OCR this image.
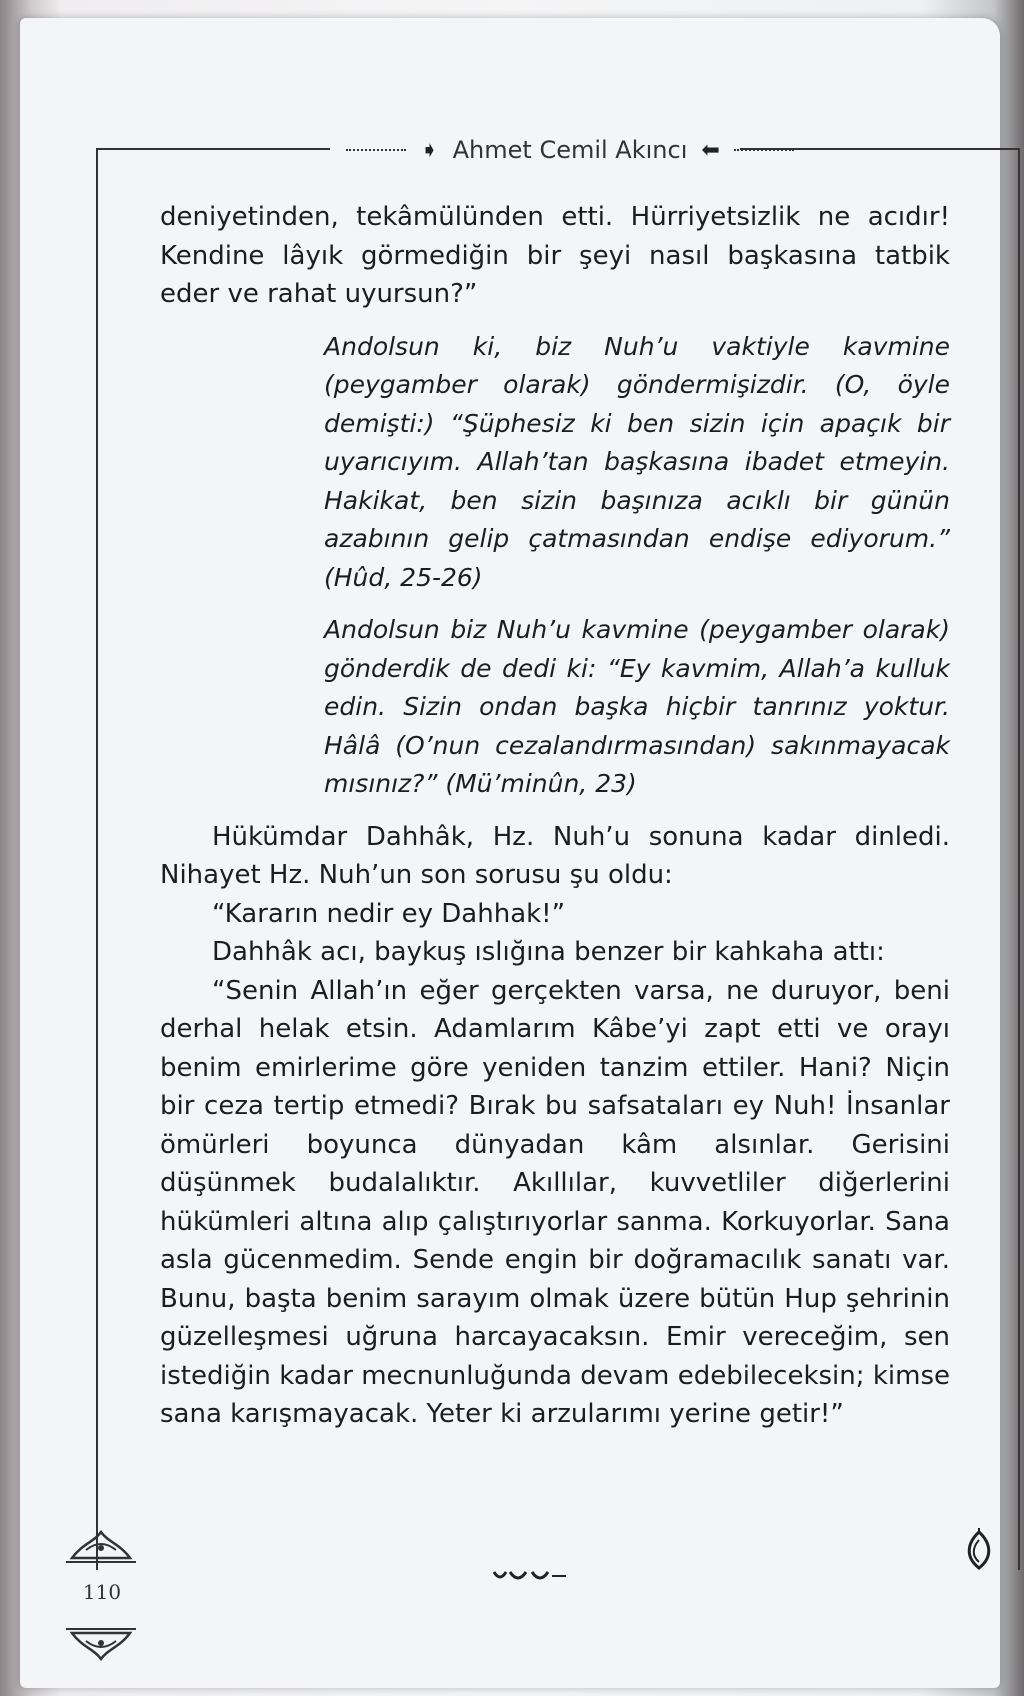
➧ Ahmet Cemil Akıncı ⬅

deniyetinden, tekâmülünden etti. Hürriyetsizlik ne acıdır! Kendine lâyık görmediğin bir şeyi nasıl başkasına tatbik eder ve rahat uyursun?”

Andolsun ki, biz Nuh’u vaktiyle kavmine (peygamber olarak) göndermişizdir. (O, öyle demişti:) “Şüphesiz ki ben sizin için apaçık bir uyarıcıyım. Allah’tan başkasına ibadet etmeyin. Hakikat, ben sizin başınıza acıklı bir günün azabının gelip çatmasından endişe ediyorum.” (Hûd, 25-26)

Andolsun biz Nuh’u kavmine (peygamber olarak) gönderdik de dedi ki: “Ey kavmim, Allah’a kulluk edin. Sizin ondan başka hiçbir tanrınız yoktur. Hâlâ (O’nun cezalandırmasından) sakınmayacak mısınız?” (Mü’minûn, 23)

Hükümdar Dahhâk, Hz. Nuh’u sonuna kadar dinledi. Nihayet Hz. Nuh’un son sorusu şu oldu:

“Kararın nedir ey Dahhak!”

Dahhâk acı, baykuş ıslığına benzer bir kahkaha attı:

“Senin Allah’ın eğer gerçekten varsa, ne duruyor, beni derhal helak etsin. Adamlarım Kâbe’yi zapt etti ve orayı benim emirlerime göre yeniden tanzim ettiler. Hani? Niçin bir ceza tertip etmedi? Bırak bu safsataları ey Nuh! İnsanlar ömürleri boyunca dünyadan kâm alsınlar. Gerisini düşünmek budalalıktır. Akıllılar, kuvvetliler diğerlerini hükümleri altına alıp çalıştırıyorlar sanma. Korkuyorlar. Sana asla gücenmedim. Sende engin bir doğramacılık sanatı var. Bunu, başta benim sarayım olmak üzere bütün Hup şehrinin güzelleşmesi uğruna harcayacaksın. Emir vereceğim, sen istediğin kadar mecnunluğunda devam edebileceksin; kimse sana karışmayacak. Yeter ki arzularımı yerine getir!”

110
